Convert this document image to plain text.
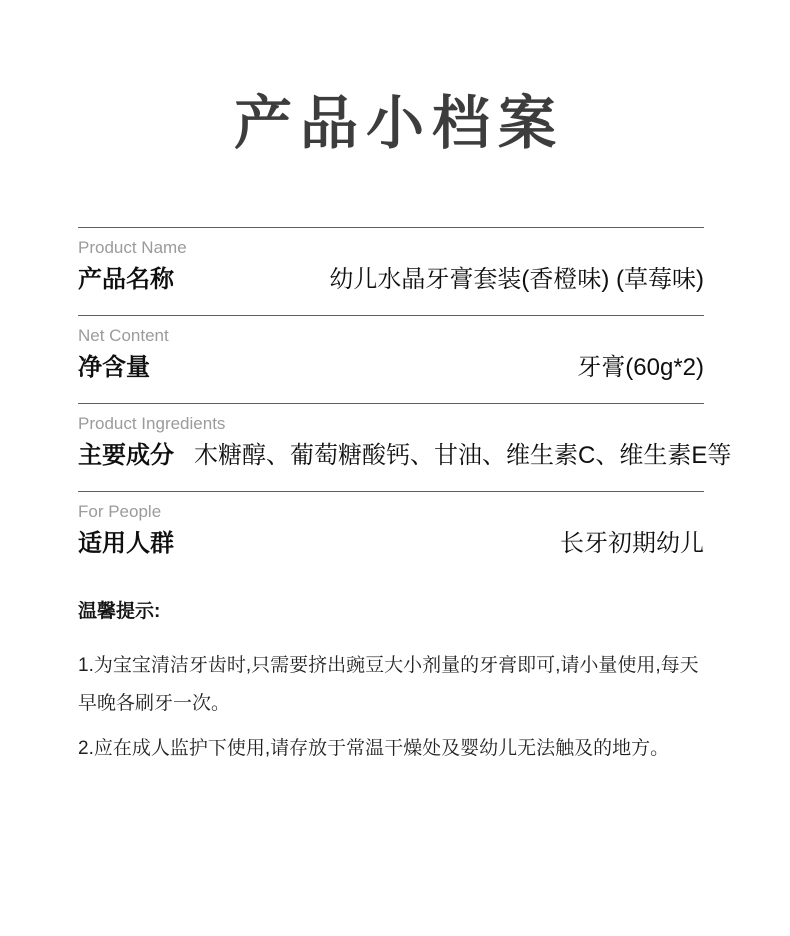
产品小档案
Product Name
产品名称	幼儿水晶牙膏套装(香橙味) (草莓味)
Net Content
净含量	牙膏(60g*2)
Product Ingredients
主要成分 木糖醇、葡萄糖酸钙、甘油、维生素C、维生素E等
For People
适用人群	长牙初期幼儿
温馨提示:

1.为宝宝清洁牙齿时,只需要挤出豌豆大小剂量的牙膏即可,请小量使用,每天早晚各刷牙一次。

2.应在成人监护下使用,请存放于常温干燥处及婴幼儿无法触及的地方。
